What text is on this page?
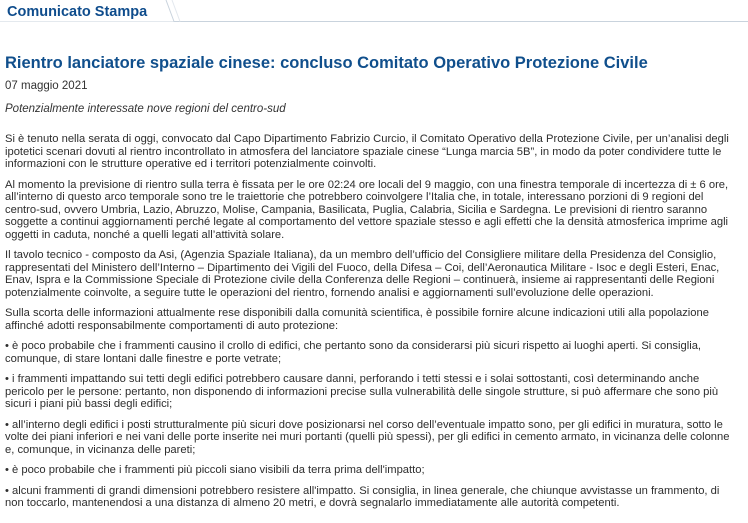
Comunicato Stampa
Rientro lanciatore spaziale cinese: concluso Comitato Operativo Protezione Civile
07 maggio 2021
Potenzialmente interessate nove regioni del centro-sud

Si è tenuto nella serata di oggi, convocato dal Capo Dipartimento Fabrizio Curcio, il Comitato Operativo della Protezione Civile, per un’analisi degli ipotetici scenari dovuti al rientro incontrollato in atmosfera del lanciatore spaziale cinese “Lunga marcia 5B”, in modo da poter condividere tutte le informazioni con le strutture operative ed i territori potenzialmente coinvolti.

Al momento la previsione di rientro sulla terra è fissata per le ore 02:24 ore locali del 9 maggio, con una finestra temporale di incertezza di ± 6 ore, all’interno di questo arco temporale sono tre le traiettorie che potrebbero coinvolgere l’Italia che, in totale, interessano porzioni di 9 regioni del centro-sud, ovvero Umbria, Lazio, Abruzzo, Molise, Campania, Basilicata, Puglia, Calabria, Sicilia e Sardegna. Le previsioni di rientro saranno soggette a continui aggiornamenti perché legate al comportamento del vettore spaziale stesso e agli effetti che la densità atmosferica imprime agli oggetti in caduta, nonché a quelli legati all’attività solare.

Il tavolo tecnico - composto da Asi, (Agenzia Spaziale Italiana), da un membro dell’ufficio del Consigliere militare della Presidenza del Consiglio, rappresentati del Ministero dell’Interno – Dipartimento dei Vigili del Fuoco, della Difesa – Coi, dell’Aeronautica Militare - Isoc e degli Esteri, Enac, Enav, Ispra e la Commissione Speciale di Protezione civile della Conferenza delle Regioni – continuerà, insieme ai rappresentanti delle Regioni potenzialmente coinvolte, a seguire tutte le operazioni del rientro, fornendo analisi e aggiornamenti sull’evoluzione delle operazioni.

Sulla scorta delle informazioni attualmente rese disponibili dalla comunità scientifica, è possibile fornire alcune indicazioni utili alla popolazione affinché adotti responsabilmente comportamenti di auto protezione:

• è poco probabile che i frammenti causino il crollo di edifici, che pertanto sono da considerarsi più sicuri rispetto ai luoghi aperti. Si consiglia, comunque, di stare lontani dalle finestre e porte vetrate;

• i frammenti impattando sui tetti degli edifici potrebbero causare danni, perforando i tetti stessi e i solai sottostanti, così determinando anche pericolo per le persone: pertanto, non disponendo di informazioni precise sulla vulnerabilità delle singole strutture, si può affermare che sono più sicuri i piani più bassi degli edifici;

• all’interno degli edifici i posti strutturalmente più sicuri dove posizionarsi nel corso dell’eventuale impatto sono, per gli edifici in muratura, sotto le volte dei piani inferiori e nei vani delle porte inserite nei muri portanti (quelli più spessi), per gli edifici in cemento armato, in vicinanza delle colonne e, comunque, in vicinanza delle pareti;

• è poco probabile che i frammenti più piccoli siano visibili da terra prima dell'impatto;

• alcuni frammenti di grandi dimensioni potrebbero resistere all'impatto. Si consiglia, in linea generale, che chiunque avvistasse un frammento, di non toccarlo, mantenendosi a una distanza di almeno 20 metri, e dovrà segnalarlo immediatamente alle autorità competenti.
